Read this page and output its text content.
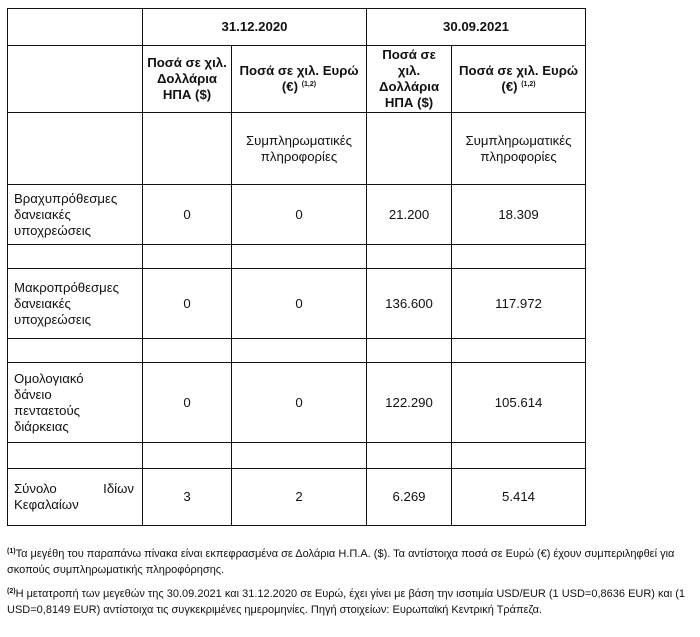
	31.12.2020		30.09.2021	
	Ποσά σε χιλ. Δολλάρια ΗΠΑ ($)	Ποσά σε χιλ. Ευρώ (€) $^{(1,2)}$	Ποσά σε χιλ. Δολλάρια ΗΠΑ ($)	Ποσά σε χιλ. Ευρώ (€) $^{(1,2)}$
		Συμπληρωματικές πληροφορίες		Συμπληρωματικές πληροφορίες
Βραχυπρόθεσμες δανειακές υποχρεώσεις	0	0	21.200	18.309

Μακροπρόθεσμες δανειακές υποχρεώσεις	0	0	136.600	117.972

Ομολογιακό δάνειο πενταετούς διάρκειας	0	0	122.290	105.614

Σύνολο Ιδίων Κεφαλαίων	3	2	6.269	5.414

$^{(1)}$Τα μεγέθη του παραπάνω πίνακα είναι εκπεφρασμένα σε Δολάρια Η.Π.Α. ($). Τα αντίστοιχα ποσά σε Ευρώ (€) έχουν συμπεριληφθεί για σκοπούς συμπληρωματικής πληροφόρησης.

$^{(2)}$Η μετατροπή των μεγεθών της 30.09.2021 και 31.12.2020 σε Ευρώ, έχει γίνει με βάση την ισοτιμία USD/EUR (1 USD=0,8636 EUR) και (1 USD=0,8149 EUR) αντίστοιχα τις συγκεκριμένες ημερομηνίες. Πηγή στοιχείων: Ευρωπαϊκή Κεντρική Τράπεζα.
